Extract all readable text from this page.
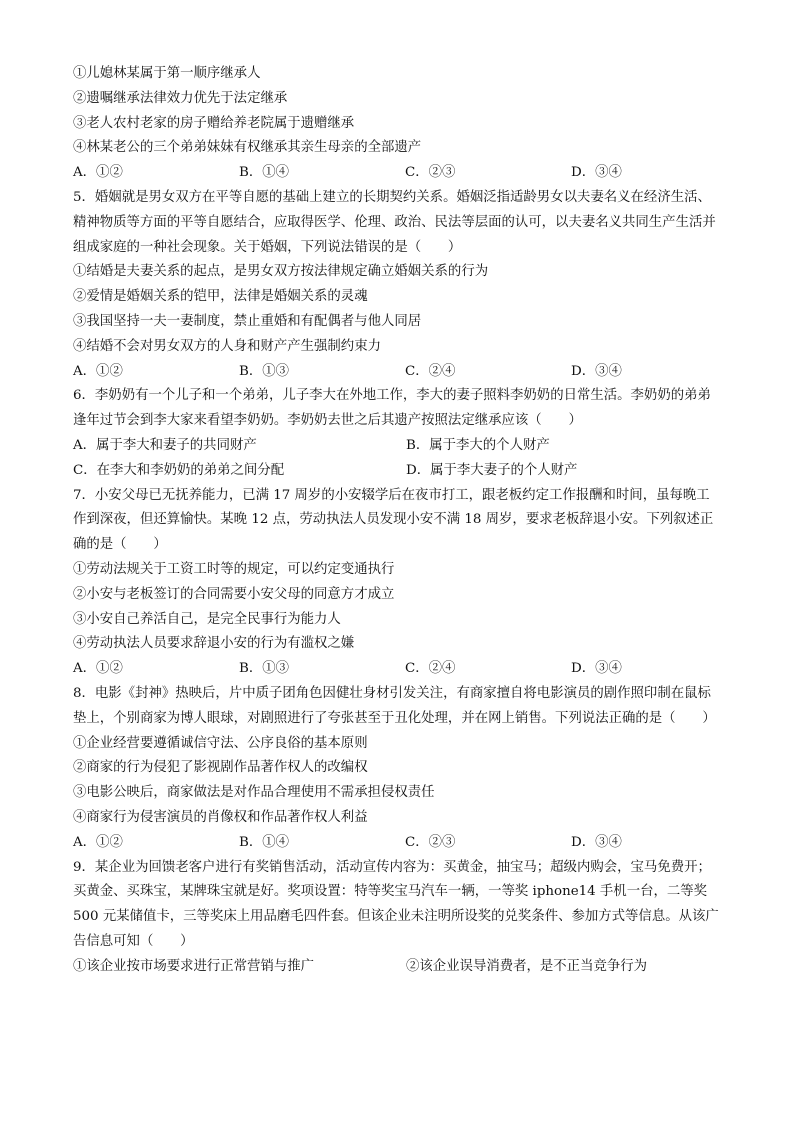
①儿媳林某属于第一顺序继承人
②遗嘱继承法律效力优先于法定继承
③老人农村老家的房子赠给养老院属于遗赠继承
④林某老公的三个弟弟妹妹有权继承其亲生母亲的全部遗产
A．①②	B．①④	C．②③	D．③④
5．婚姻就是男女双方在平等自愿的基础上建立的长期契约关系。婚姻泛指适龄男女以夫妻名义在经济生活、精神物质等方面的平等自愿结合，应取得医学、伦理、政治、民法等层面的认可，以夫妻名义共同生产生活并组成家庭的一种社会现象。关于婚姻，下列说法错误的是（　　）
①结婚是夫妻关系的起点，是男女双方按法律规定确立婚姻关系的行为
②爱情是婚姻关系的铠甲，法律是婚姻关系的灵魂
③我国坚持一夫一妻制度，禁止重婚和有配偶者与他人同居
④结婚不会对男女双方的人身和财产产生强制约束力
A．①②	B．①③	C．②④	D．③④
6．李奶奶有一个儿子和一个弟弟，儿子李大在外地工作，李大的妻子照料李奶奶的日常生活。李奶奶的弟弟逢年过节会到李大家来看望李奶奶。李奶奶去世之后其遗产按照法定继承应该（　　）
A．属于李大和妻子的共同财产	B．属于李大的个人财产
C．在李大和李奶奶的弟弟之间分配	D．属于李大妻子的个人财产
7．小安父母已无抚养能力，已满 17 周岁的小安辍学后在夜市打工，跟老板约定工作报酬和时间，虽每晚工作到深夜，但还算愉快。某晚 12 点，劳动执法人员发现小安不满 18 周岁，要求老板辞退小安。下列叙述正确的是（　　）
①劳动法规关于工资工时等的规定，可以约定变通执行
②小安与老板签订的合同需要小安父母的同意方才成立
③小安自己养活自己，是完全民事行为能力人
④劳动执法人员要求辞退小安的行为有滥权之嫌
A．①②	B．①③	C．②④	D．③④
8．电影《封神》热映后，片中质子团角色因健壮身材引发关注，有商家擅自将电影演员的剧作照印制在鼠标垫上，个别商家为博人眼球，对剧照进行了夸张甚至于丑化处理，并在网上销售。下列说法正确的是（　　）
①企业经营要遵循诚信守法、公序良俗的基本原则
②商家的行为侵犯了影视剧作品著作权人的改编权
③电影公映后，商家做法是对作品合理使用不需承担侵权责任
④商家行为侵害演员的肖像权和作品著作权人利益
A．①②	B．①④	C．②③	D．③④
9．某企业为回馈老客户进行有奖销售活动，活动宣传内容为：买黄金，抽宝马；超级内购会，宝马免费开；买黄金、买珠宝，某牌珠宝就是好。奖项设置：特等奖宝马汽车一辆，一等奖 iphone14 手机一台，二等奖 500 元某储值卡，三等奖床上用品磨毛四件套。但该企业未注明所设奖的兑奖条件、参加方式等信息。从该广告信息可知（　　）
①该企业按市场要求进行正常营销与推广	②该企业误导消费者，是不正当竞争行为
